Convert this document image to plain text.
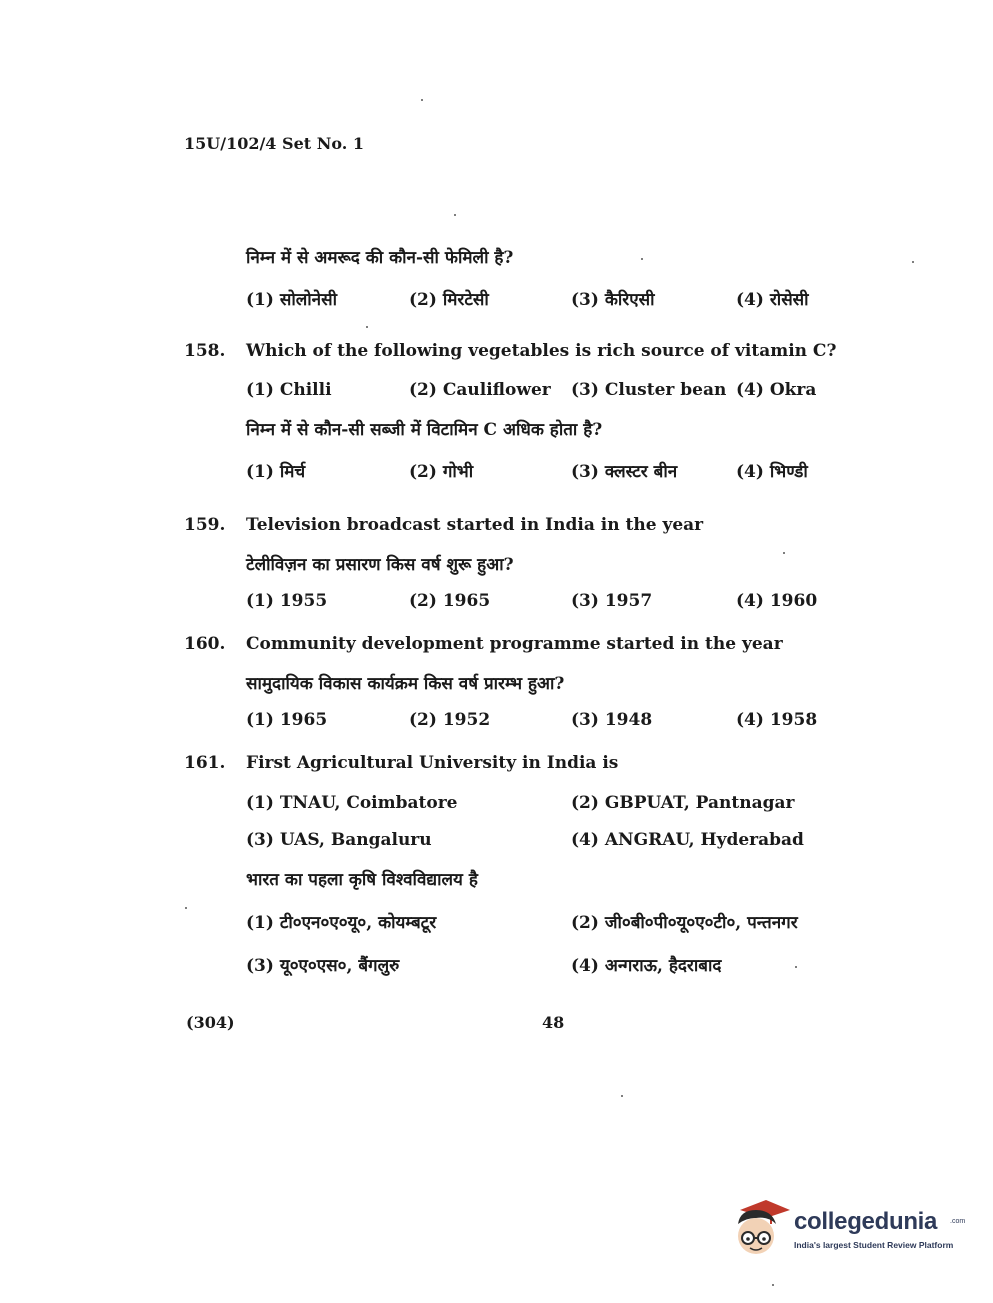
15U/102/4 Set No. 1
निम्न में से अमरूद की कौन-सी फेमिली है?
(1) सोलोनेसी	(2) मिरटेसी	(3) कैरिएसी	(4) रोसेसी
158. Which of the following vegetables is rich source of vitamin C?
(1) Chilli	(2) Cauliflower (3) Cluster bean (4) Okra
निम्न में से कौन-सी सब्जी में विटामिन C अधिक होता है?
(1) मिर्च	(2) गोभी	(3) क्लस्टर बीन	(4) भिण्डी
159. Television broadcast started in India in the year
टेलीविज़न का प्रसारण किस वर्ष शुरू हुआ?
(1) 1955	(2) 1965	(3) 1957	(4) 1960
160. Community development programme started in the year
सामुदायिक विकास कार्यक्रम किस वर्ष प्रारम्भ हुआ?
(1) 1965	(2) 1952	(3) 1948	(4) 1958
161. First Agricultural University in India is
(1) TNAU, Coimbatore	(2) GBPUAT, Pantnagar
(3) UAS, Bangaluru	(4) ANGRAU, Hyderabad
भारत का पहला कृषि विश्वविद्यालय है
(1) टी०एन०ए०यू०, कोयम्बटूर	(2) जी०बी०पी०यू०ए०टी०, पन्तनगर
(3) यू०ए०एस०, बैंगलुरु	(4) अन्गराऊ, हैदराबाद
(304)	48
collegedunia .com
India's largest Student Review Platform
